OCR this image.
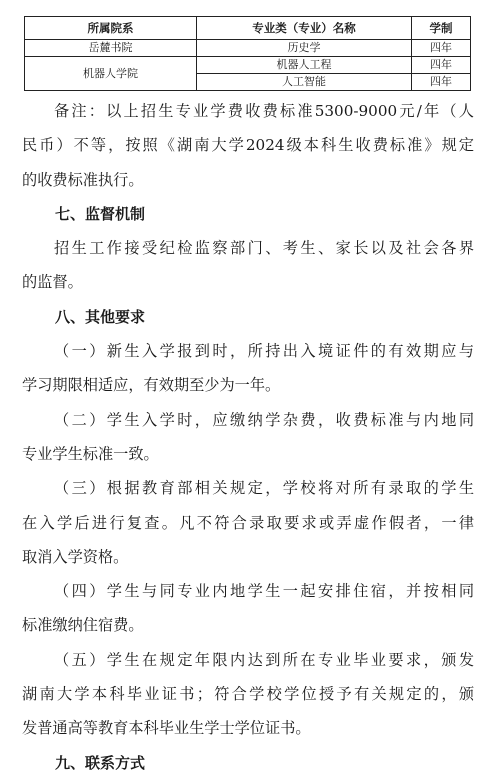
所属院系	专业类（专业）名称	学制
岳麓书院	历史学	四年
机器人学院	机器人工程	四年
	人工智能	四年
备注：以上招生专业学费收费标准5300-9000元/年（人
民币）不等，按照《湖南大学2024级本科生收费标准》规定
的收费标准执行。
七、监督机制
招生工作接受纪检监察部门、考生、家长以及社会各界
的监督。
八、其他要求
（一）新生入学报到时，所持出入境证件的有效期应与
学习期限相适应，有效期至少为一年。
（二）学生入学时，应缴纳学杂费，收费标准与内地同
专业学生标准一致。
（三）根据教育部相关规定，学校将对所有录取的学生
在入学后进行复查。凡不符合录取要求或弄虚作假者，一律
取消入学资格。
（四）学生与同专业内地学生一起安排住宿，并按相同
标准缴纳住宿费。
（五）学生在规定年限内达到所在专业毕业要求，颁发
湖南大学本科毕业证书；符合学校学位授予有关规定的，颁
发普通高等教育本科毕业生学士学位证书。
九、联系方式
